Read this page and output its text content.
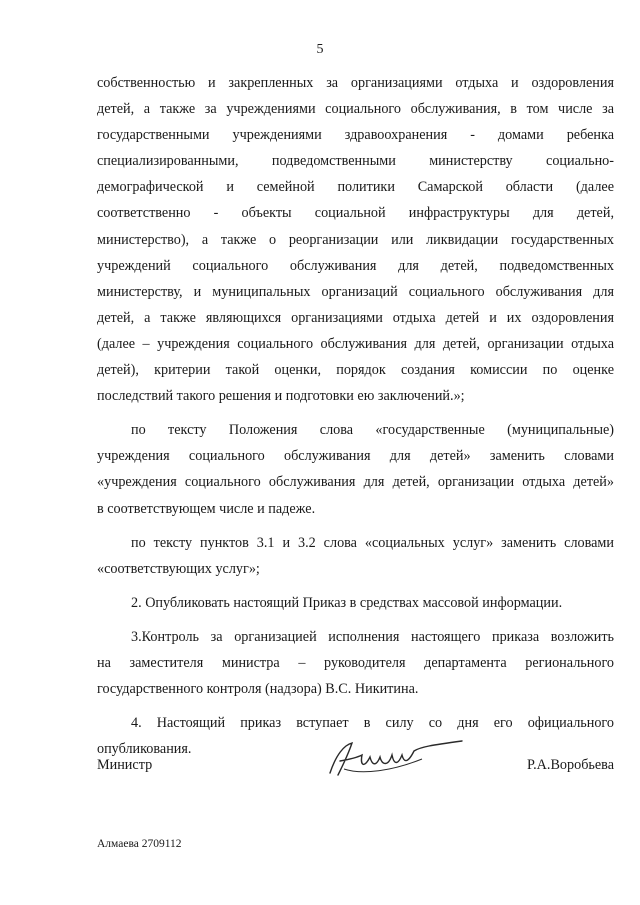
5
собственностью и закрепленных за организациями отдыха и оздоровления
детей, а также за учреждениями социального обслуживания, в том числе за
государственными учреждениями здравоохранения - домами ребенка
специализированными, подведомственными министерству социально-
демографической и семейной политики Самарской области (далее
соответственно - объекты социальной инфраструктуры для детей,
министерство), а также о реорганизации или ликвидации государственных
учреждений социального обслуживания для детей, подведомственных
министерству, и муниципальных организаций социального обслуживания для
детей, а также являющихся организациями отдыха детей и их оздоровления
(далее – учреждения социального обслуживания для детей, организации отдыха
детей), критерии такой оценки, порядок создания комиссии по оценке
последствий такого решения и подготовки ею заключений.»;
по тексту Положения слова «государственные (муниципальные)
учреждения социального обслуживания для детей» заменить словами
«учреждения социального обслуживания для детей, организации отдыха детей»
в соответствующем числе и падеже.
по тексту пунктов 3.1 и 3.2 слова «социальных услуг» заменить словами
«соответствующих услуг»;
2. Опубликовать настоящий Приказ в средствах массовой информации.
3.Контроль за организацией исполнения настоящего приказа возложить
на заместителя министра – руководителя департамента регионального
государственного контроля (надзора) В.С. Никитина.
4. Настоящий приказ вступает в силу со дня его официального
опубликования.
Министр	Р.А.Воробьева
Алмаева 2709112
